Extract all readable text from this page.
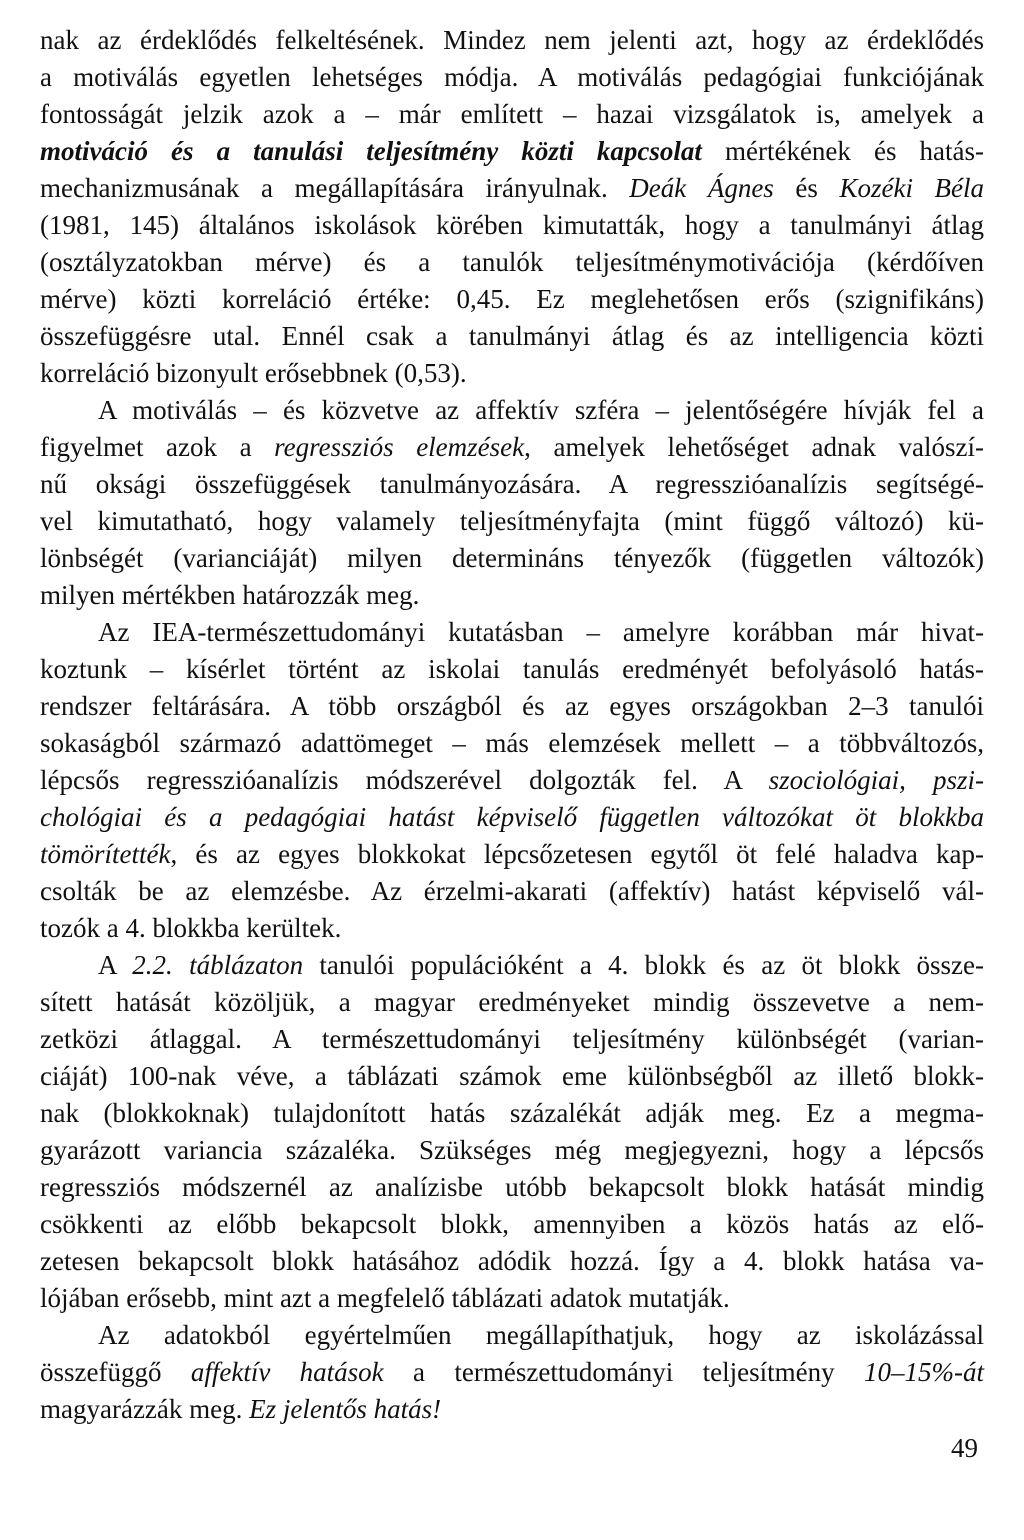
nak az érdeklődés felkeltésének. Mindez nem jelenti azt, hogy az érdeklődés
a motiválás egyetlen lehetséges módja. A motiválás pedagógiai funkciójának
fontosságát jelzik azok a – már említett – hazai vizsgálatok is, amelyek a
motiváció és a tanulási teljesítmény közti kapcsolat mértékének és hatás-
mechanizmusának a megállapítására irányulnak. Deák Ágnes és Kozéki Béla
(1981, 145) általános iskolások körében kimutatták, hogy a tanulmányi átlag
(osztályzatokban mérve) és a tanulók teljesítménymotivációja (kérdőíven
mérve) közti korreláció értéke: 0,45. Ez meglehetősen erős (szignifikáns)
összefüggésre utal. Ennél csak a tanulmányi átlag és az intelligencia közti
korreláció bizonyult erősebbnek (0,53).
A motiválás – és közvetve az affektív szféra – jelentőségére hívják fel a
figyelmet azok a regressziós elemzések, amelyek lehetőséget adnak valószí-
nű oksági összefüggések tanulmányozására. A regresszióanalízis segítségé-
vel kimutatható, hogy valamely teljesítményfajta (mint függő változó) kü-
lönbségét (varianciáját) milyen determináns tényezők (független változók)
milyen mértékben határozzák meg.
Az IEA-természettudományi kutatásban – amelyre korábban már hivat-
koztunk – kísérlet történt az iskolai tanulás eredményét befolyásoló hatás-
rendszer feltárására. A több országból és az egyes országokban 2–3 tanulói
sokaságból származó adattömeget – más elemzések mellett – a többváltozós,
lépcsős regresszióanalízis módszerével dolgozták fel. A szociológiai, pszi-
chológiai és a pedagógiai hatást képviselő független változókat öt blokkba
tömörítették, és az egyes blokkokat lépcsőzetesen egytől öt felé haladva kap-
csolták be az elemzésbe. Az érzelmi-akarati (affektív) hatást képviselő vál-
tozók a 4. blokkba kerültek.
A 2.2. táblázaton tanulói populációként a 4. blokk és az öt blokk össze-
sített hatását közöljük, a magyar eredményeket mindig összevetve a nem-
zetközi átlaggal. A természettudományi teljesítmény különbségét (varian-
ciáját) 100-nak véve, a táblázati számok eme különbségből az illető blokk-
nak (blokkoknak) tulajdonított hatás százalékát adják meg. Ez a megma-
gyarázott variancia százaléka. Szükséges még megjegyezni, hogy a lépcsős
regressziós módszernél az analízisbe utóbb bekapcsolt blokk hatását mindig
csökkenti az előbb bekapcsolt blokk, amennyiben a közös hatás az elő-
zetesen bekapcsolt blokk hatásához adódik hozzá. Így a 4. blokk hatása va-
lójában erősebb, mint azt a megfelelő táblázati adatok mutatják.
Az adatokból egyértelműen megállapíthatjuk, hogy az iskolázással
összefüggő affektív hatások a természettudományi teljesítmény 10–15%-át
magyarázzák meg. Ez jelentős hatás!
49
